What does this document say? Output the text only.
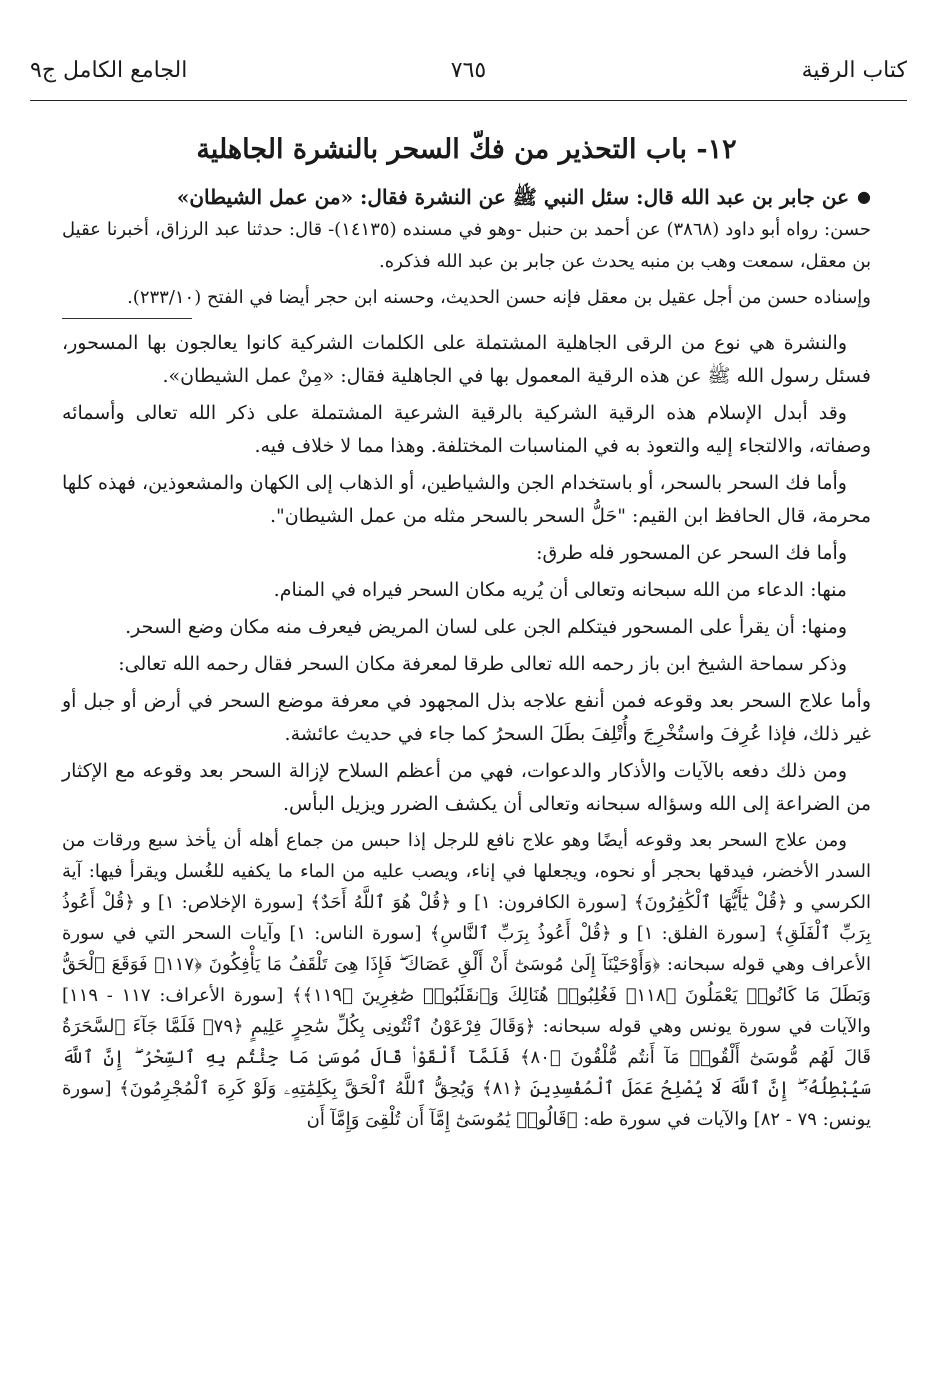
كتاب الرقية
٧٦٥
الجامع الكامل ج٩
١٢- باب التحذير من فكّ السحر بالنشرة الجاهلية

●عن جابر بن عبد الله قال: سئل النبي ﷺ عن النشرة فقال: «من عمل الشيطان»

حسن: رواه أبو داود (٣٨٦٨) عن أحمد بن حنبل -وهو في مسنده (١٤١٣٥)- قال: حدثنا عبد الرزاق، أخبرنا عقيل بن معقل، سمعت وهب بن منبه يحدث عن جابر بن عبد الله فذكره.

وإسناده حسن من أجل عقيل بن معقل فإنه حسن الحديث، وحسنه ابن حجر أيضا في الفتح (٢٣٣/١٠).

والنشرة هي نوع من الرقى الجاهلية المشتملة على الكلمات الشركية كانوا يعالجون بها المسحور، فسئل رسول الله ﷺ عن هذه الرقية المعمول بها في الجاهلية فقال: «مِنْ عمل الشيطان».

وقد أبدل الإسلام هذه الرقية الشركية بالرقية الشرعية المشتملة على ذكر الله تعالى وأسمائه وصفاته، والالتجاء إليه والتعوذ به في المناسبات المختلفة. وهذا مما لا خلاف فيه.

وأما فك السحر بالسحر، أو باستخدام الجن والشياطين، أو الذهاب إلى الكهان والمشعوذين، فهذه كلها محرمة، قال الحافظ ابن القيم: "حَلُّ السحر بالسحر مثله من عمل الشيطان".

وأما فك السحر عن المسحور فله طرق:

منها: الدعاء من الله سبحانه وتعالى أن يُريه مكان السحر فيراه في المنام.

ومنها: أن يقرأ على المسحور فيتكلم الجن على لسان المريض فيعرف منه مكان وضع السحر.

وذكر سماحة الشيخ ابن باز رحمه الله تعالى طرقا لمعرفة مكان السحر فقال رحمه الله تعالى:

وأما علاج السحر بعد وقوعه فمن أنفع علاجه بذل المجهود في معرفة موضع السحر في أرض أو جبل أو غير ذلك، فإذا عُرِفَ واستُخْرِجَ وأُتْلِفَ بطَلَ السحرُ كما جاء في حديث عائشة.

ومن ذلك دفعه بالآيات والأذكار والدعوات، فهي من أعظم السلاح لإزالة السحر بعد وقوعه مع الإكثار من الضراعة إلى الله وسؤاله سبحانه وتعالى أن يكشف الضرر ويزيل البأس.

ومن علاج السحر بعد وقوعه أيضًا وهو علاج نافع للرجل إذا حبس من جماع أهله أن يأخذ سبع ورقات من السدر الأخضر، فيدقها بحجر أو نحوه، ويجعلها في إناء، ويصب عليه من الماء ما يكفيه للغُسل ويقرأ فيها: آية الكرسي و ﴿قُلْ يَٰٓأَيُّهَا ٱلْكَٰفِرُونَ﴾ [سورة الكافرون: ١] و ﴿قُلْ هُوَ ٱللَّهُ أَحَدٌ﴾ [سورة الإخلاص: ١] و ﴿قُلْ أَعُوذُ بِرَبِّ ٱلْفَلَقِ﴾ [سورة الفلق: ١] و ﴿قُلْ أَعُوذُ بِرَبِّ ٱلنَّاسِ﴾ [سورة الناس: ١] وآيات السحر التي في سورة الأعراف وهي قوله سبحانه: ﴿وَأَوْحَيْنَآ إِلَىٰ مُوسَىٰٓ أَنْ أَلْقِ عَصَاكَ ۖ فَإِذَا هِىَ تَلْقَفُ مَا يَأْفِكُونَ ﴿١١٧﴾ فَوَقَعَ ٱلْحَقُّ وَبَطَلَ مَا كَانُوا۟ يَعْمَلُونَ ﴿١١٨﴾ فَغُلِبُوا۟ هُنَالِكَ وَٱنقَلَبُوا۟ صَٰغِرِينَ ﴿١١٩﴾﴾ [سورة الأعراف: ١١٧ - ١١٩] والآيات في سورة يونس وهي قوله سبحانه: ﴿وَقَالَ فِرْعَوْنُ ٱئْتُونِى بِكُلِّ سَٰحِرٍ عَلِيمٍ ﴿٧٩﴾ فَلَمَّا جَآءَ ٱلسَّحَرَةُ قَالَ لَهُم مُّوسَىٰٓ أَلْقُوا۟ مَآ أَنتُم مُّلْقُونَ ﴿٨٠﴾ فَلَمَّآ أَلْقَوْا۟ قَالَ مُوسَىٰ مَا جِئْتُم بِهِ ٱلسِّحْرُ ۖ إِنَّ ٱللَّهَ سَيُبْطِلُهُۥٓ ۖ إِنَّ ٱللَّهَ لَا يُصْلِحُ عَمَلَ ٱلْمُفْسِدِينَ ﴿٨١﴾ وَيُحِقُّ ٱللَّهُ ٱلْحَقَّ بِكَلِمَٰتِهِۦ وَلَوْ كَرِهَ ٱلْمُجْرِمُونَ﴾ [سورة يونس: ٧٩ - ٨٢] والآيات في سورة طه: ﴿قَالُوا۟ يَٰمُوسَىٰٓ إِمَّآ أَن تُلْقِىَ وَإِمَّآ أَن
